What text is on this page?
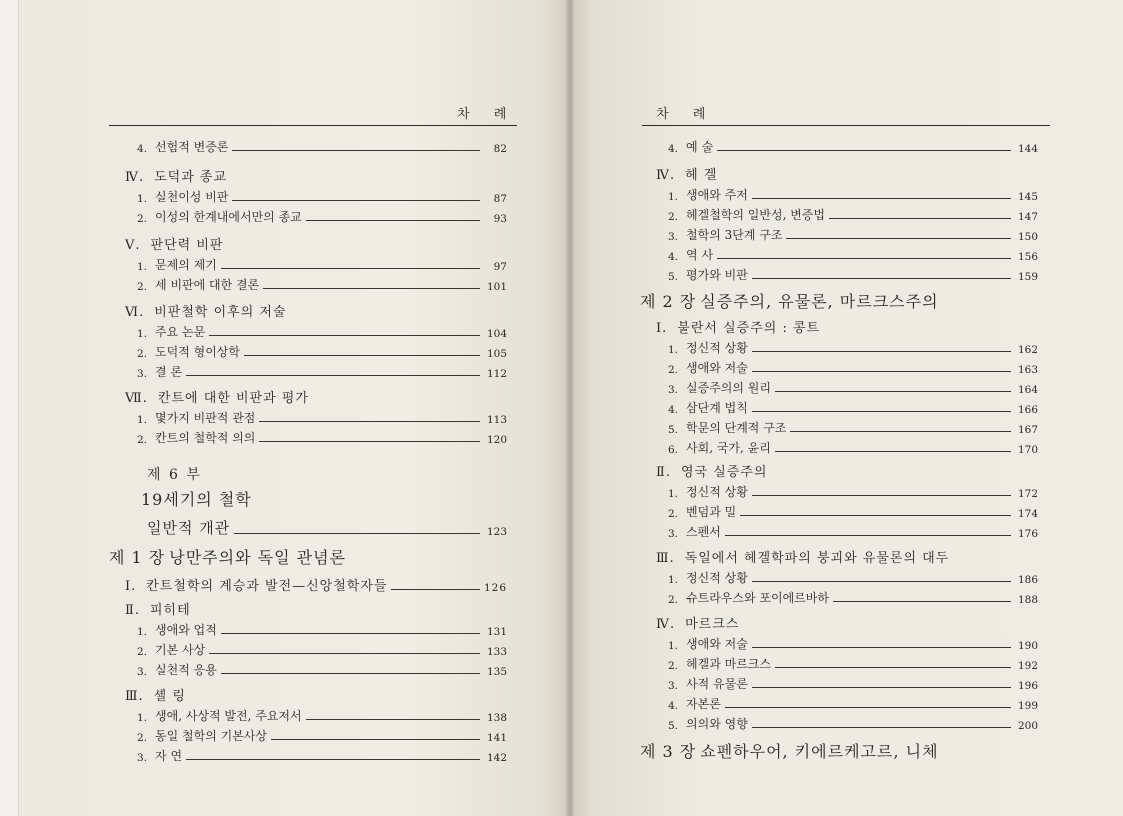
차 례
4. 선험적 변증론	82
Ⅳ. 도덕과 종교
1. 실천이성 비판	87
2. 이성의 한계내에서만의 종교	93
Ⅴ. 판단력 비판
1. 문제의 제기	97
2. 세 비판에 대한 결론	101
Ⅵ. 비판철학 이후의 저술
1. 주요 논문	104
2. 도덕적 형이상학	105
3. 결 론	112
Ⅶ. 칸트에 대한 비판과 평가
1. 몇가지 비판적 관점	113
2. 칸트의 철학적 의의	120
제 6 부
19세기의 철학
일반적 개관	123
제 1 장 낭만주의와 독일 관념론
Ⅰ. 칸트철학의 계승과 발전—신앙철학자들	126
Ⅱ. 피히테
1. 생애와 업적	131
2. 기본 사상	133
3. 실천적 응용	135
Ⅲ. 셸 링
1. 생애, 사상적 발전, 주요저서	138
2. 동일 철학의 기본사상	141
3. 자 연	142
차 례
4. 예 술	144
Ⅳ. 헤 겔
1. 생애와 주저	145
2. 헤겔철학의 일반성, 변증법	147
3. 철학의 3단계 구조	150
4. 역 사	156
5. 평가와 비판	159
제 2 장 실증주의, 유물론, 마르크스주의
Ⅰ. 불란서 실증주의 : 콩트
1. 정신적 상황	162
2. 생애와 저술	163
3. 실증주의의 원리	164
4. 삼단계 법칙	166
5. 학문의 단계적 구조	167
6. 사회, 국가, 윤리	170
Ⅱ. 영국 실증주의
1. 정신적 상황	172
2. 벤덤과 밀	174
3. 스펜서	176
Ⅲ. 독일에서 헤겔학파의 붕괴와 유물론의 대두
1. 정신적 상황	186
2. 슈트라우스와 포이에르바하	188
Ⅳ. 마르크스
1. 생애와 저술	190
2. 헤겔과 마르크스	192
3. 사적 유물론	196
4. 자본론	199
5. 의의와 영향	200
제 3 장 쇼펜하우어, 키에르케고르, 니체
